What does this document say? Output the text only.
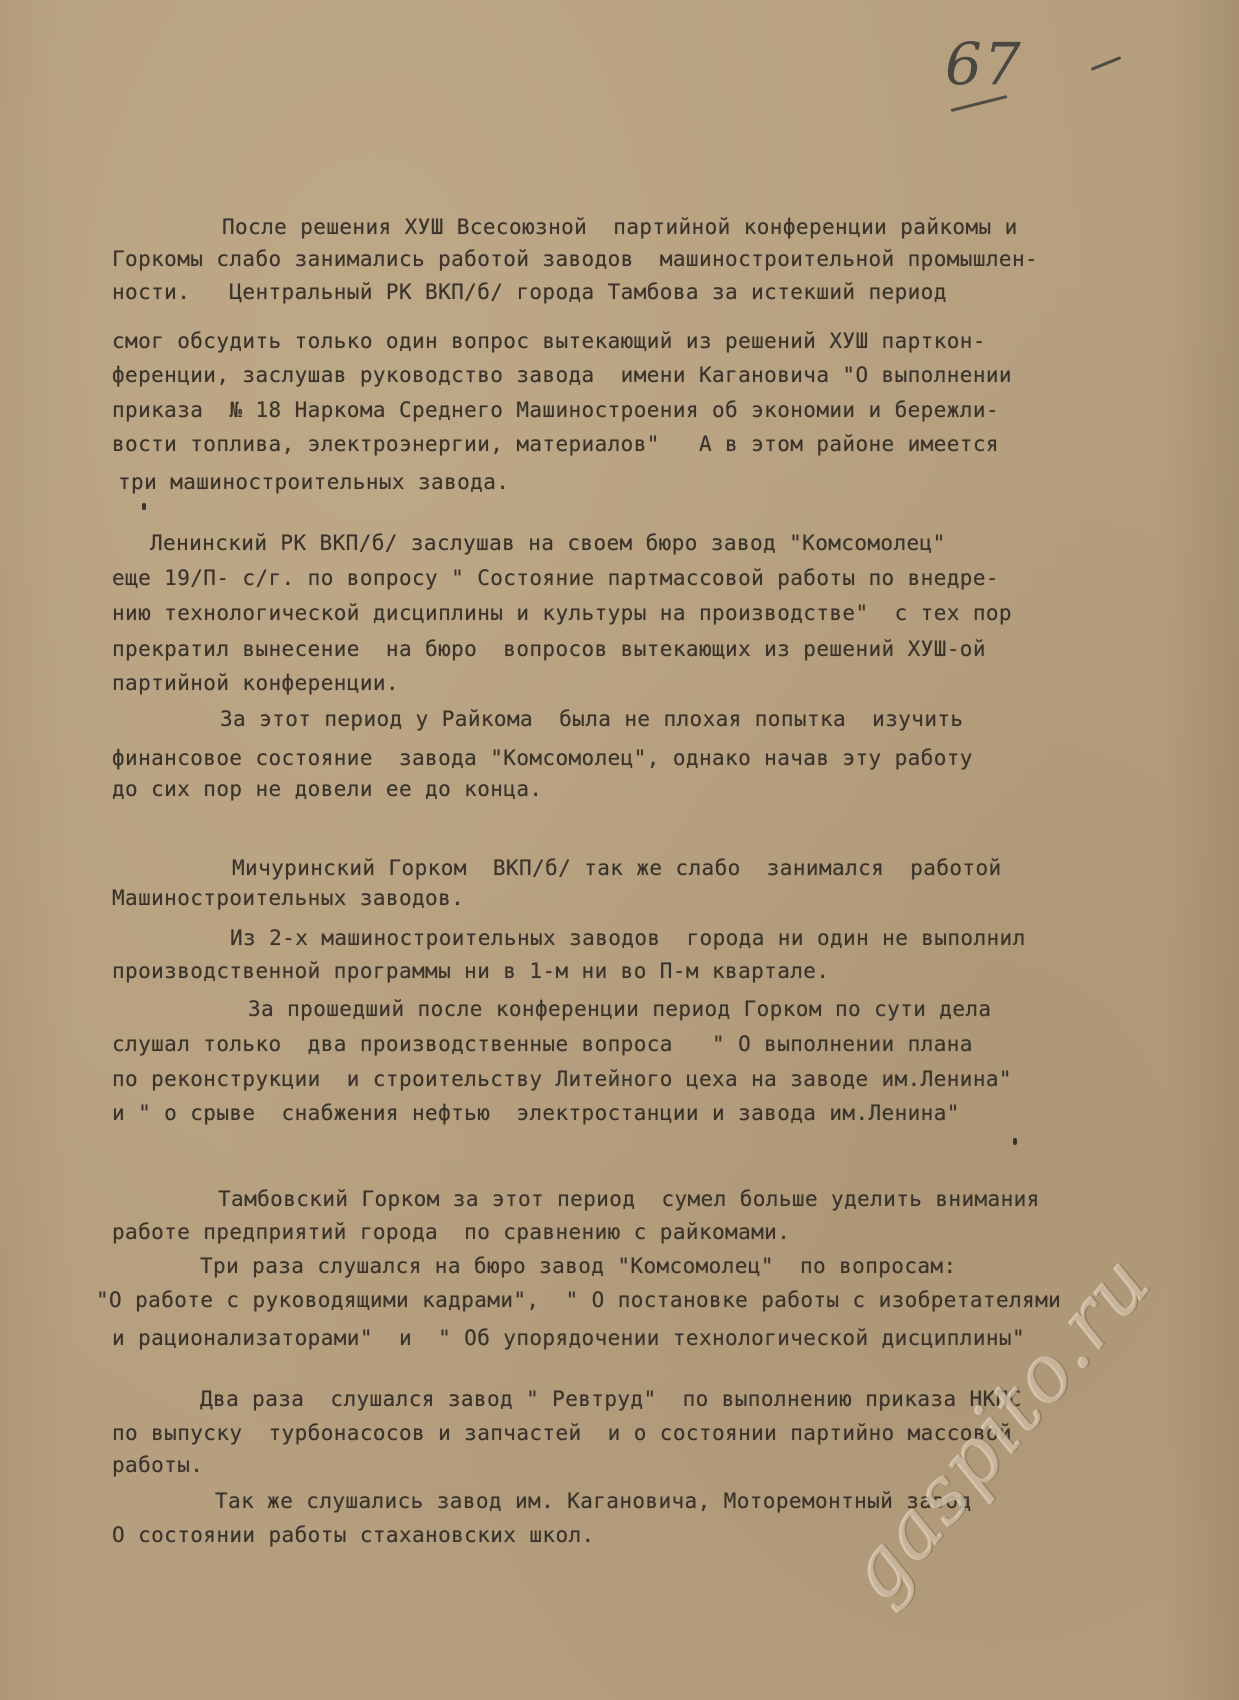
67
После решения ХУШ Всесоюзной  партийной конференции райкомы и
Горкомы слабо занимались работой заводов  машиностроительной промышлен-
ности.   Центральный РК ВКП/б/ города Тамбова за истекший период
смог обсудить только один вопрос вытекающий из решений ХУШ парткон-
ференции, заслушав руководство завода  имени Кагановича "О выполнении
приказа  № 18 Наркома Среднего Машиностроения об экономии и бережли-
вости топлива, электроэнергии, материалов"   А в этом районе имеется
три машиностроительных завода.
Ленинский РК ВКП/б/ заслушав на своем бюро завод "Комсомолец"
еще 19/П- с/г. по вопросу " Состояние партмассовой работы по внедре-
нию технологической дисциплины и культуры на производстве"  с тех пор
прекратил вынесение  на бюро  вопросов вытекающих из решений ХУШ-ой
партийной конференции.
За этот период у Райкома  была не плохая попытка  изучить
финансовое состояние  завода "Комсомолец", однако начав эту работу
до сих пор не довели ее до конца.
Мичуринский Горком  ВКП/б/ так же слабо  занимался  работой
Машиностроительных заводов.
Из 2-х машиностроительных заводов  города ни один не выполнил
производственной программы ни в 1-м ни во П-м квартале.
За прошедший после конференции период Горком по сути дела
слушал только  два производственные вопроса   " О выполнении плана
по реконструкции  и строительству Литейного цеха на заводе им.Ленина"
и " о срыве  снабжения нефтью  электростанции и завода им.Ленина"
Тамбовский Горком за этот период  сумел больше уделить внимания
работе предприятий города  по сравнению с райкомами.
Три раза слушался на бюро завод "Комсомолец"  по вопросам:
"О работе с руководящими кадрами",  " О постановке работы с изобретателями
и рационализаторами"  и  " Об упорядочении технологической дисциплины"
Два раза  слушался завод " Ревтруд"  по выполнению приказа НКПС
по выпуску  турбонасосов и запчастей  и о состоянии партийно массовой
работы.
Так же слушались завод им. Кагановича, Моторемонтный завод
О состоянии работы стахановских школ.	gaspito.ru
